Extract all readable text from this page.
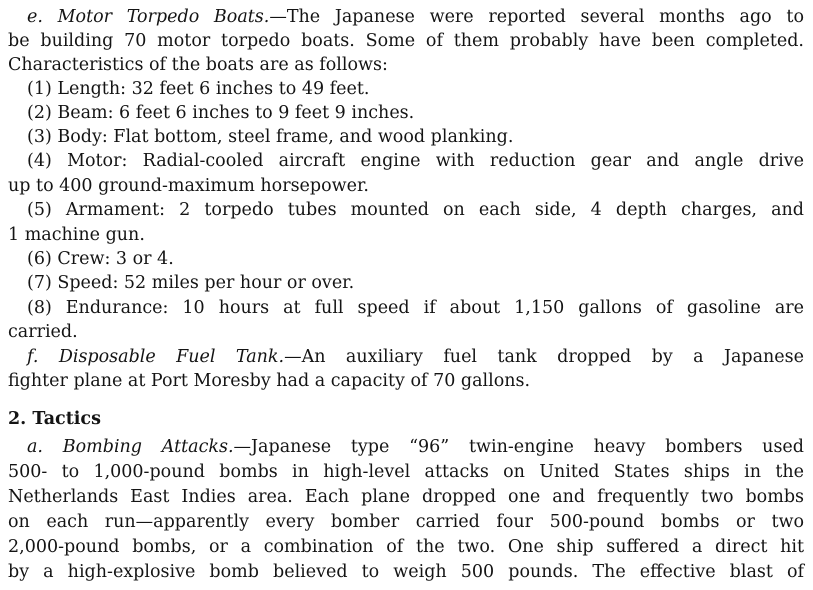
e. Motor Torpedo Boats.—The Japanese were reported several months ago to
be building 70 motor torpedo boats. Some of them probably have been completed.
Characteristics of the boats are as follows:
(1) Length: 32 feet 6 inches to 49 feet.
(2) Beam: 6 feet 6 inches to 9 feet 9 inches.
(3) Body: Flat bottom, steel frame, and wood planking.
(4) Motor: Radial-cooled aircraft engine with reduction gear and angle drive
up to 400 ground-maximum horsepower.
(5) Armament: 2 torpedo tubes mounted on each side, 4 depth charges, and
1 machine gun.
(6) Crew: 3 or 4.
(7) Speed: 52 miles per hour or over.
(8) Endurance: 10 hours at full speed if about 1,150 gallons of gasoline are
carried.
f. Disposable Fuel Tank.—An auxiliary fuel tank dropped by a Japanese
fighter plane at Port Moresby had a capacity of 70 gallons.
2. Tactics
a. Bombing Attacks.—Japanese type “96” twin-engine heavy bombers used
500- to 1,000-pound bombs in high-level attacks on United States ships in the
Netherlands East Indies area. Each plane dropped one and frequently two bombs
on each run—apparently every bomber carried four 500-pound bombs or two
2,000-pound bombs, or a combination of the two. One ship suffered a direct hit
by a high-explosive bomb believed to weigh 500 pounds. The effective blast of
